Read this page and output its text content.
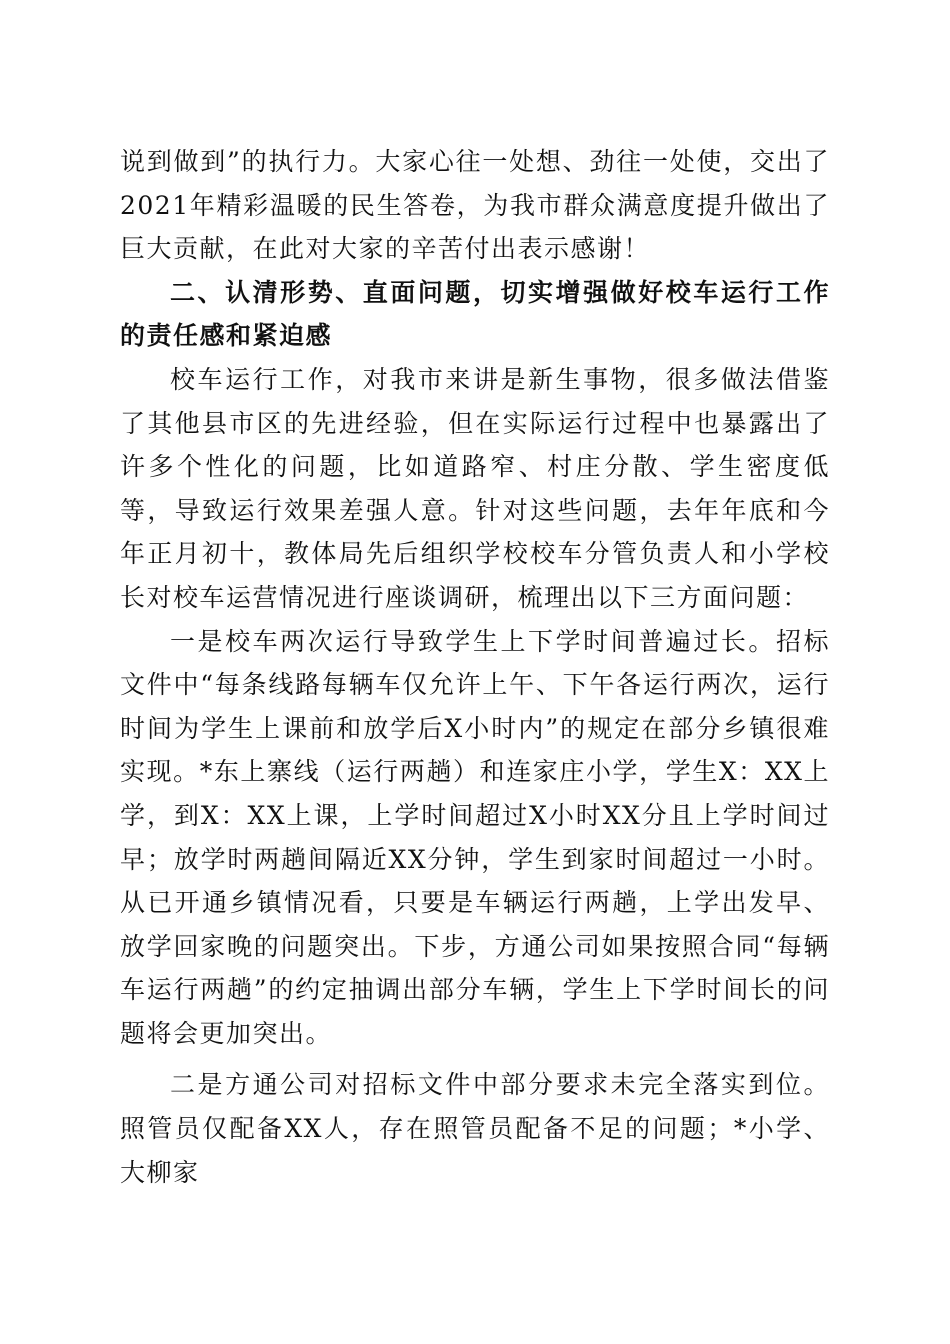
说到做到”的执行力。大家心往一处想、劲往一处使，交出了2021年精彩温暖的民生答卷，为我市群众满意度提升做出了巨大贡献，在此对大家的辛苦付出表示感谢！

二、认清形势、直面问题，切实增强做好校车运行工作的责任感和紧迫感

校车运行工作，对我市来讲是新生事物，很多做法借鉴了其他县市区的先进经验，但在实际运行过程中也暴露出了许多个性化的问题，比如道路窄、村庄分散、学生密度低等，导致运行效果差强人意。针对这些问题，去年年底和今年正月初十，教体局先后组织学校校车分管负责人和小学校长对校车运营情况进行座谈调研，梳理出以下三方面问题：

一是校车两次运行导致学生上下学时间普遍过长。招标文件中“每条线路每辆车仅允许上午、下午各运行两次，运行时间为学生上课前和放学后X小时内”的规定在部分乡镇很难实现。*东上寨线（运行两趟）和连家庄小学，学生X：XX上学，到X：XX上课，上学时间超过X小时XX分且上学时间过早；放学时两趟间隔近XX分钟，学生到家时间超过一小时。从已开通乡镇情况看，只要是车辆运行两趟，上学出发早、放学回家晚的问题突出。下步，方通公司如果按照合同“每辆车运行两趟”的约定抽调出部分车辆，学生上下学时间长的问题将会更加突出。

二是方通公司对招标文件中部分要求未完全落实到位。照管员仅配备XX人，存在照管员配备不足的问题；*小学、大柳家
